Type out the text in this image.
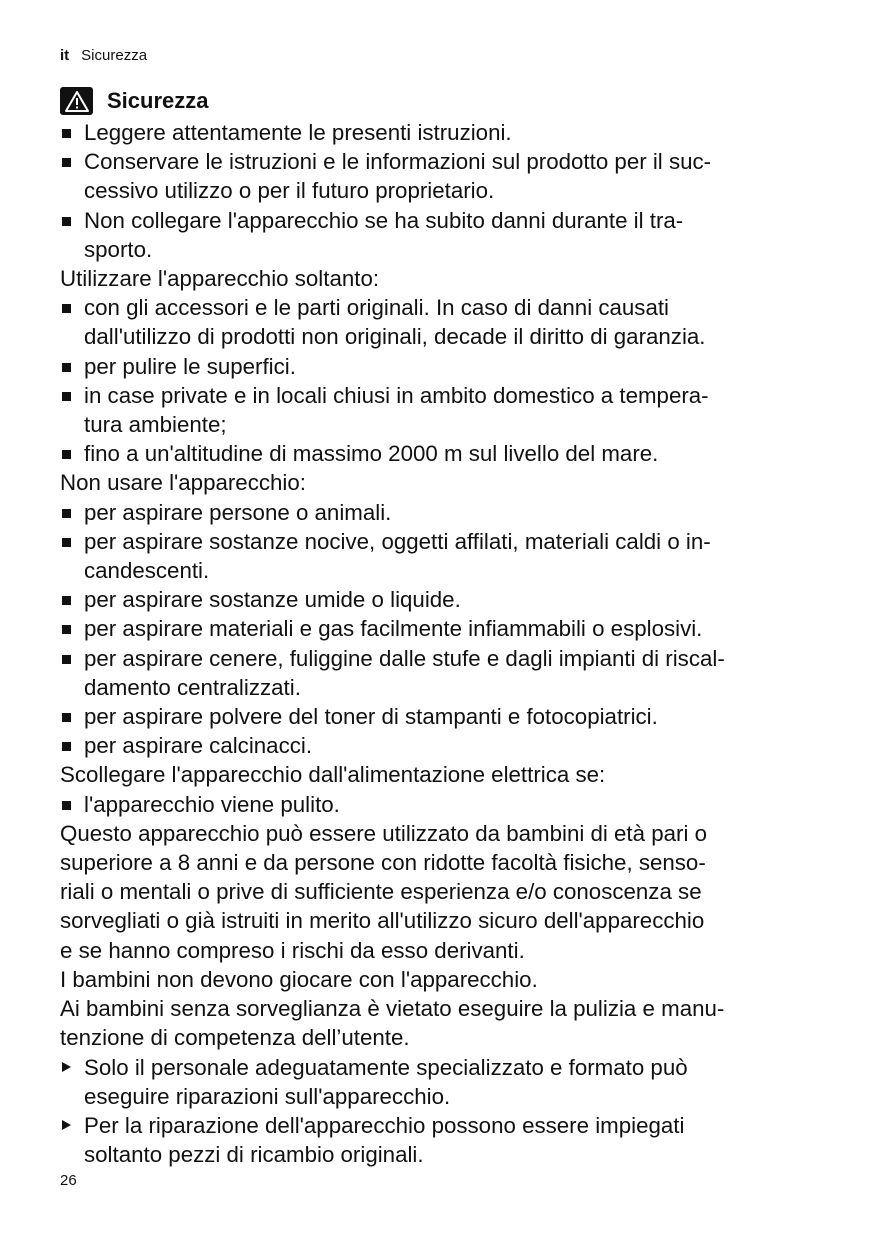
it Sicurezza
Sicurezza
Leggere attentamente le presenti istruzioni.
Conservare le istruzioni e le informazioni sul prodotto per il suc-
cessivo utilizzo o per il futuro proprietario.
Non collegare l'apparecchio se ha subito danni durante il tra-
sporto.
Utilizzare l'apparecchio soltanto:
con gli accessori e le parti originali. In caso di danni causati
dall'utilizzo di prodotti non originali, decade il diritto di garanzia.
per pulire le superfici.
in case private e in locali chiusi in ambito domestico a tempera-
tura ambiente;
fino a un'altitudine di massimo 2000 m sul livello del mare.
Non usare l'apparecchio:
per aspirare persone o animali.
per aspirare sostanze nocive, oggetti affilati, materiali caldi o in-
candescenti.
per aspirare sostanze umide o liquide.
per aspirare materiali e gas facilmente infiammabili o esplosivi.
per aspirare cenere, fuliggine dalle stufe e dagli impianti di riscal-
damento centralizzati.
per aspirare polvere del toner di stampanti e fotocopiatrici.
per aspirare calcinacci.
Scollegare l'apparecchio dall'alimentazione elettrica se:
l'apparecchio viene pulito.
Questo apparecchio può essere utilizzato da bambini di età pari o
superiore a 8 anni e da persone con ridotte facoltà fisiche, senso-
riali o mentali o prive di sufficiente esperienza e/o conoscenza se
sorvegliati o già istruiti in merito all'utilizzo sicuro dell'apparecchio
e se hanno compreso i rischi da esso derivanti.
I bambini non devono giocare con l'apparecchio.
Ai bambini senza sorveglianza è vietato eseguire la pulizia e manu-
tenzione di competenza dell’utente.
Solo il personale adeguatamente specializzato e formato può
eseguire riparazioni sull'apparecchio.
Per la riparazione dell'apparecchio possono essere impiegati
soltanto pezzi di ricambio originali.
26
